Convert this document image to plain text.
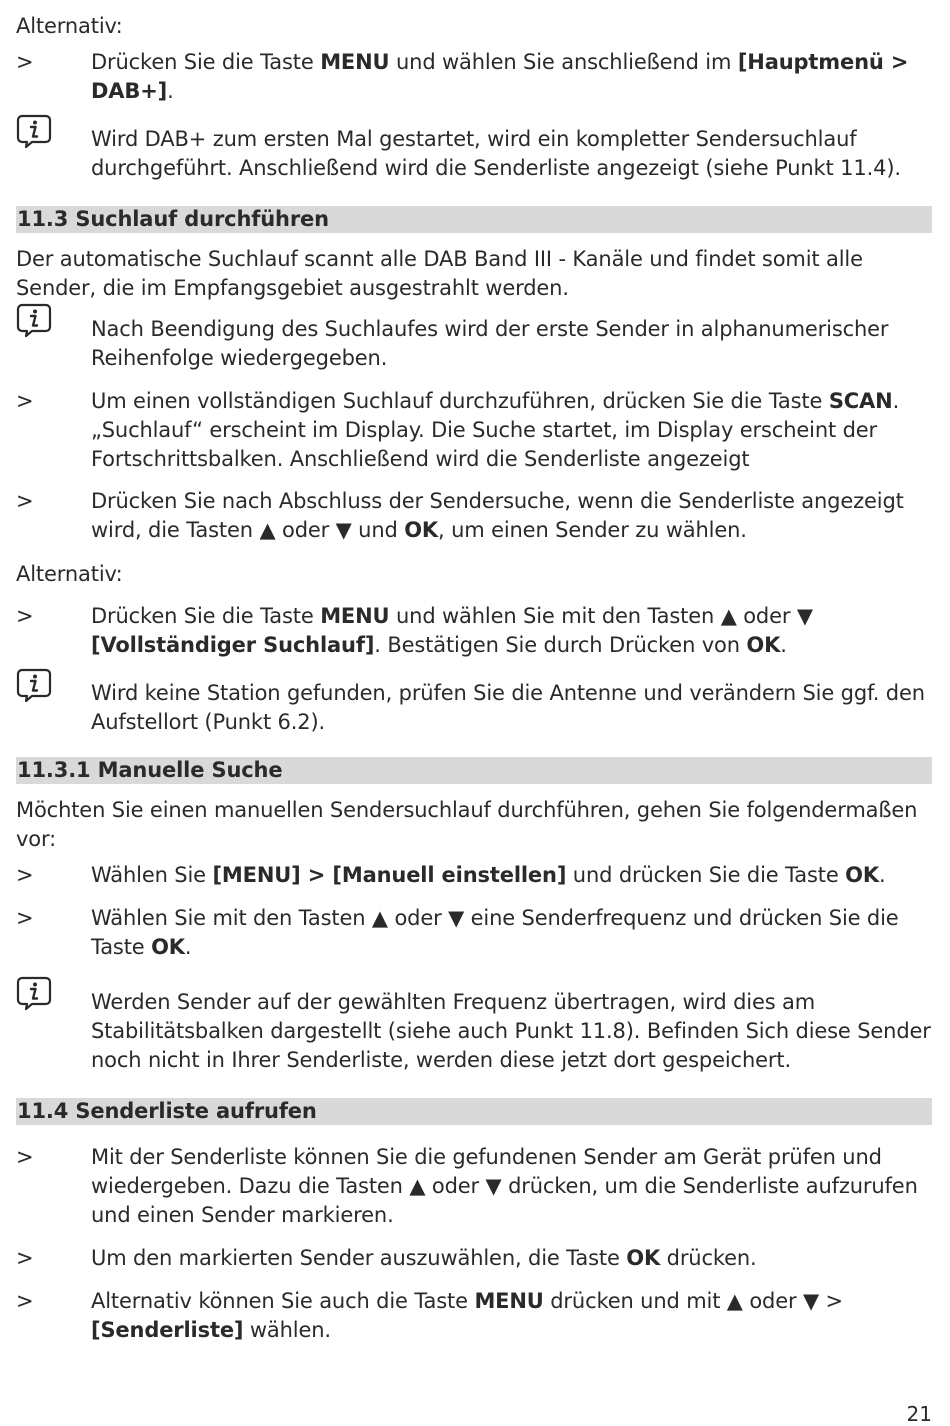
Alternativ:

>	Drücken Sie die Taste MENU und wählen Sie anschließend im [Hauptmenü > DAB+].
Wird DAB+ zum ersten Mal gestartet, wird ein kompletter Sendersuchlauf durchgeführt. Anschließend wird die Senderliste angezeigt (siehe Punkt 11.4).
11.3 Suchlauf durchführen

Der automatische Suchlauf scannt alle DAB Band III - Kanäle und findet somit alle Sender, die im Empfangsgebiet ausgestrahlt werden.

Nach Beendigung des Suchlaufes wird der erste Sender in alphanumerischer Reihenfolge wiedergegeben.
>	Um einen vollständigen Suchlauf durchzuführen, drücken Sie die Taste SCAN. „Suchlauf“ erscheint im Display. Die Suche startet, im Display erscheint der Fortschrittsbalken. Anschließend wird die Senderliste angezeigt
>	Drücken Sie nach Abschluss der Sendersuche, wenn die Senderliste angezeigt wird, die Tasten ▲ oder ▼ und OK, um einen Sender zu wählen.

Alternativ:

>	Drücken Sie die Taste MENU und wählen Sie mit den Tasten ▲ oder ▼ [Vollständiger Suchlauf]. Bestätigen Sie durch Drücken von OK.
Wird keine Station gefunden, prüfen Sie die Antenne und verändern Sie ggf. den Aufstellort (Punkt 6.2).
11.3.1 Manuelle Suche

Möchten Sie einen manuellen Sendersuchlauf durchführen, gehen Sie folgendermaßen vor:

>	Wählen Sie [MENU] > [Manuell einstellen] und drücken Sie die Taste OK.
>	Wählen Sie mit den Tasten ▲ oder ▼ eine Senderfrequenz und drücken Sie die Taste OK.
Werden Sender auf der gewählten Frequenz übertragen, wird dies am Stabilitätsbalken dargestellt (siehe auch Punkt 11.8). Befinden Sich diese Sender noch nicht in Ihrer Senderliste, werden diese jetzt dort gespeichert.
11.4 Senderliste aufrufen
>	Mit der Senderliste können Sie die gefundenen Sender am Gerät prüfen und wiedergeben. Dazu die Tasten ▲ oder ▼ drücken, um die Senderliste aufzurufen und einen Sender markieren.
>	Um den markierten Sender auszuwählen, die Taste OK drücken.
>	Alternativ können Sie auch die Taste MENU drücken und mit ▲ oder ▼ > [Senderliste] wählen.
21
